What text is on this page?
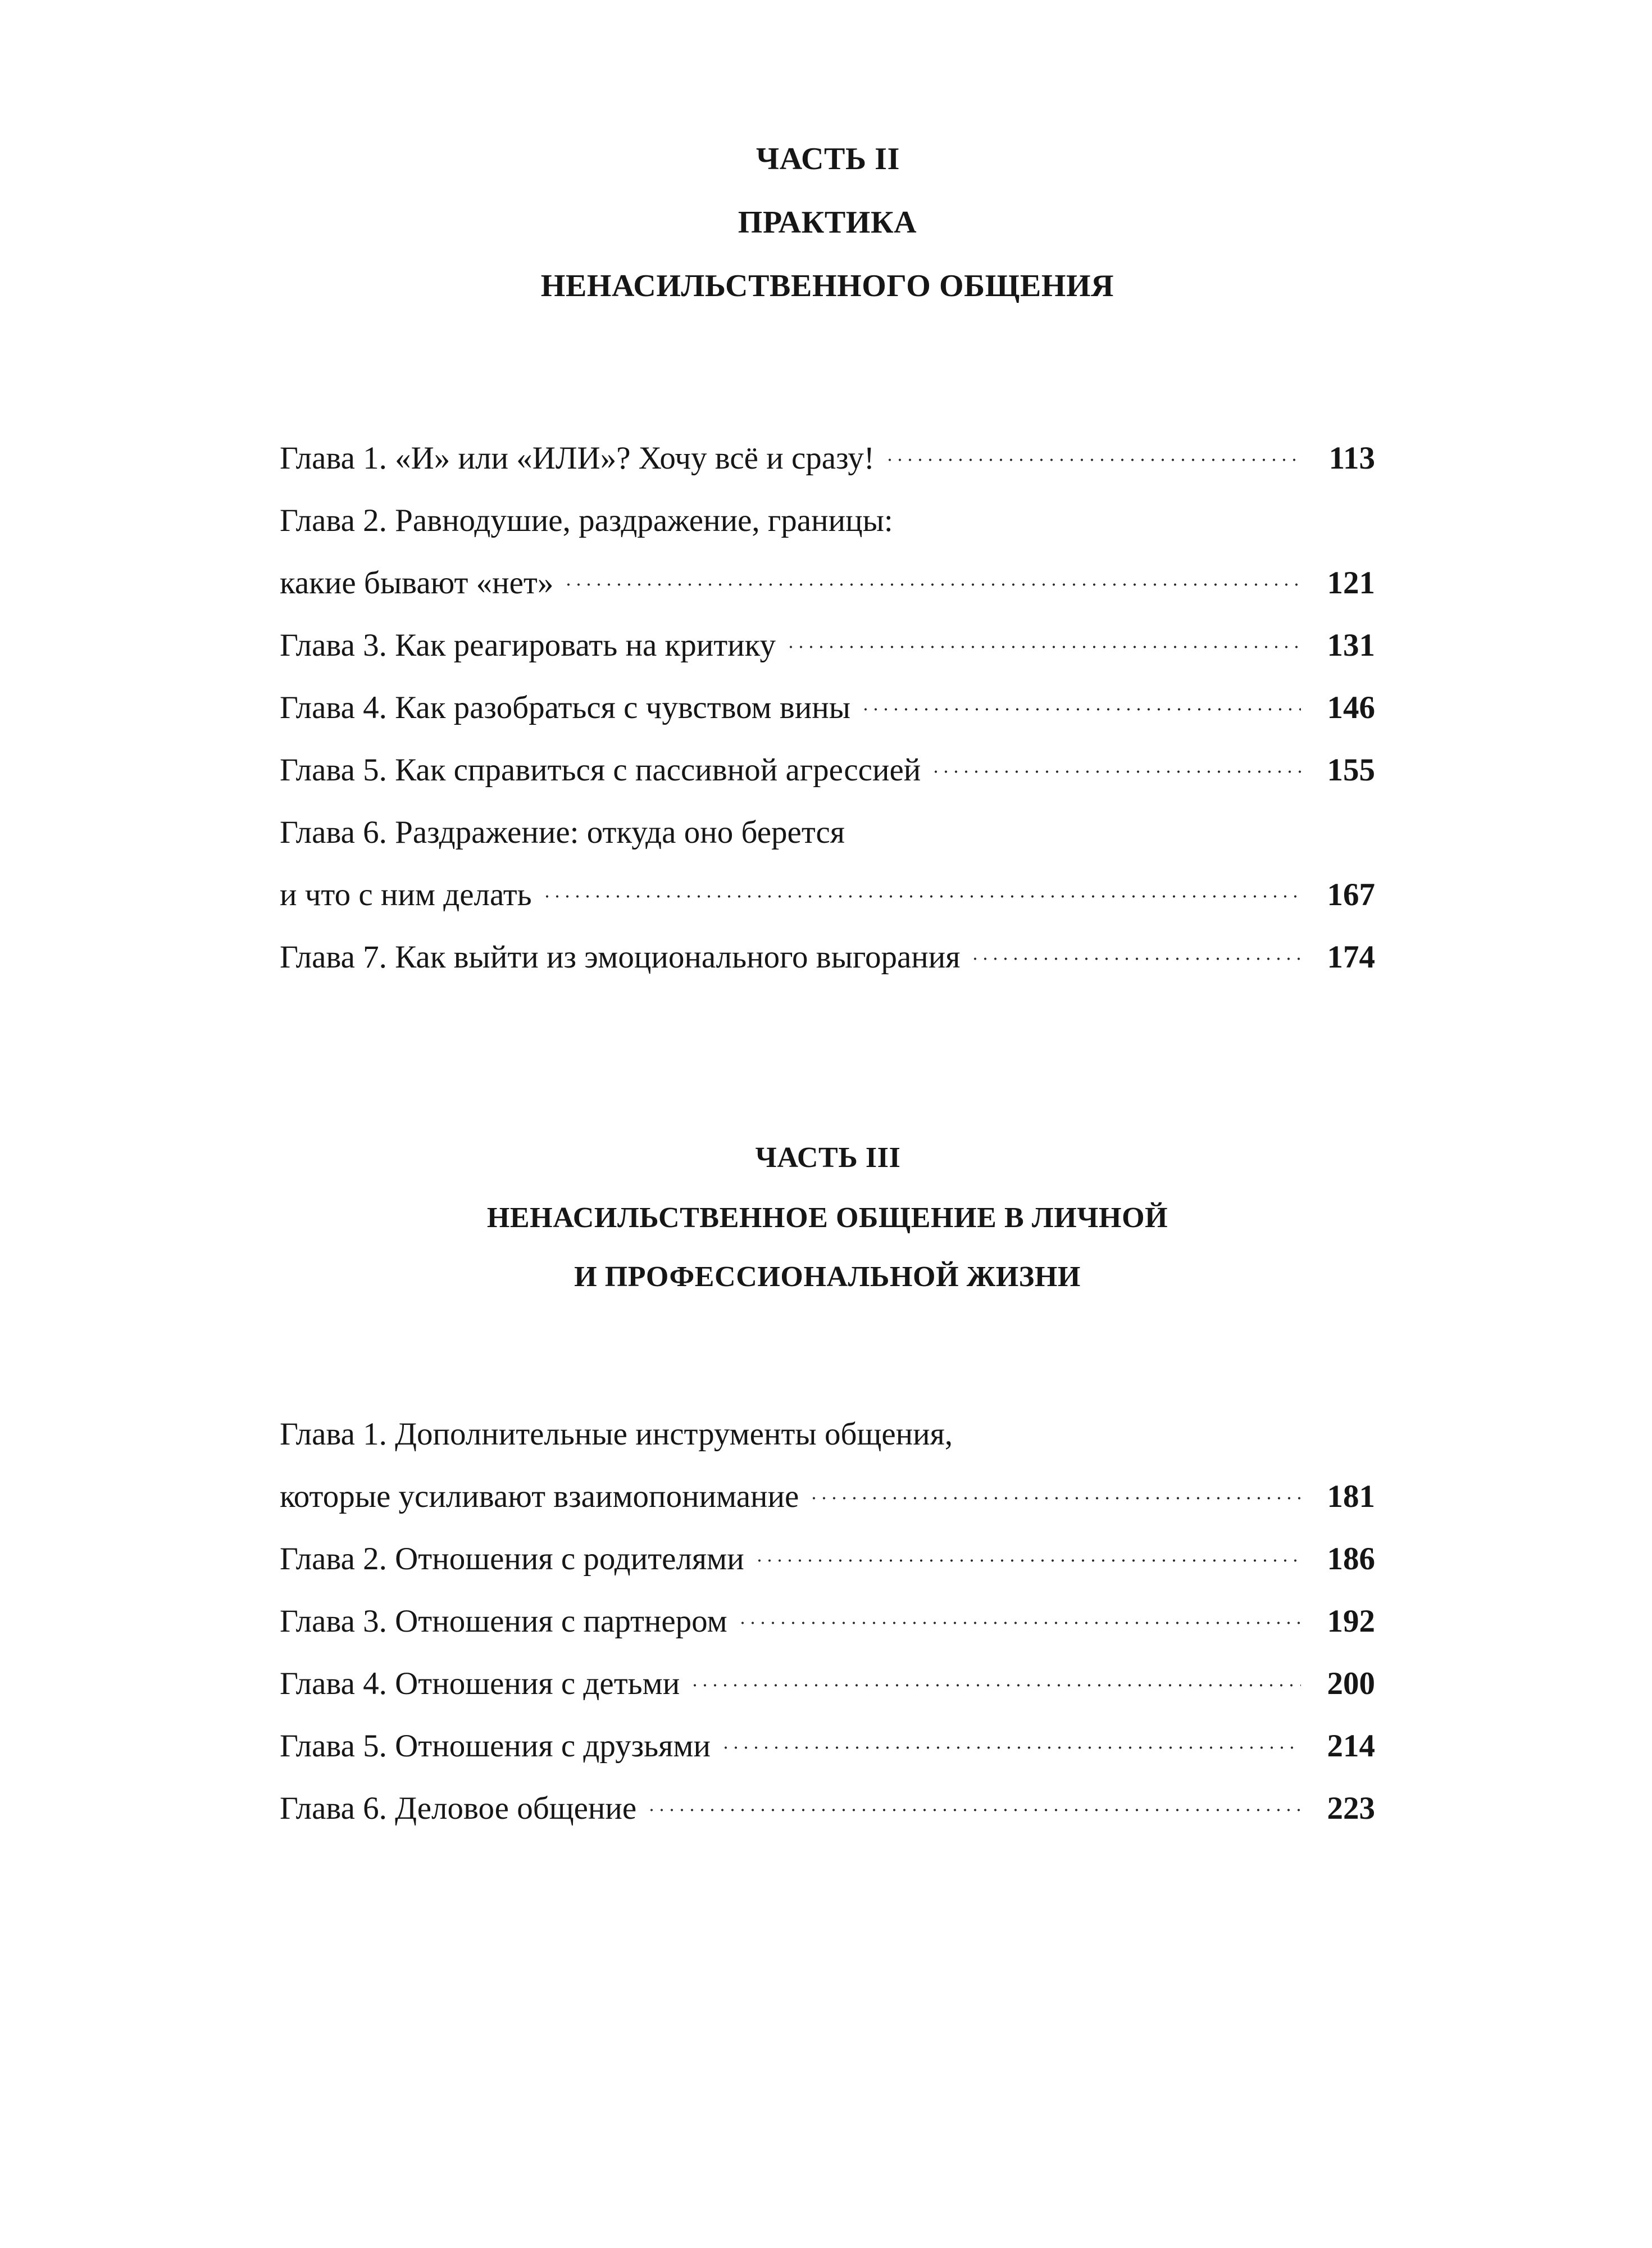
ЧАСТЬ II
ПРАКТИКА
НЕНАСИЛЬСТВЕННОГО ОБЩЕНИЯ
Глава 1. «И» или «ИЛИ»? Хочу всё и сразу!	113
Глава 2. Равнодушие, раздражение, границы:
какие бывают «нет»	121
Глава 3. Как реагировать на критику	131
Глава 4. Как разобраться с чувством вины	146
Глава 5. Как справиться с пассивной агрессией	155
Глава 6. Раздражение: откуда оно берется
и что с ним делать	167
Глава 7. Как выйти из эмоционального выгорания	174
ЧАСТЬ III
НЕНАСИЛЬСТВЕННОЕ ОБЩЕНИЕ В ЛИЧНОЙ
И ПРОФЕССИОНАЛЬНОЙ ЖИЗНИ
Глава 1. Дополнительные инструменты общения,
которые усиливают взаимопонимание	181
Глава 2. Отношения с родителями	186
Глава 3. Отношения с партнером	192
Глава 4. Отношения с детьми	200
Глава 5. Отношения с друзьями	214
Глава 6. Деловое общение	223
